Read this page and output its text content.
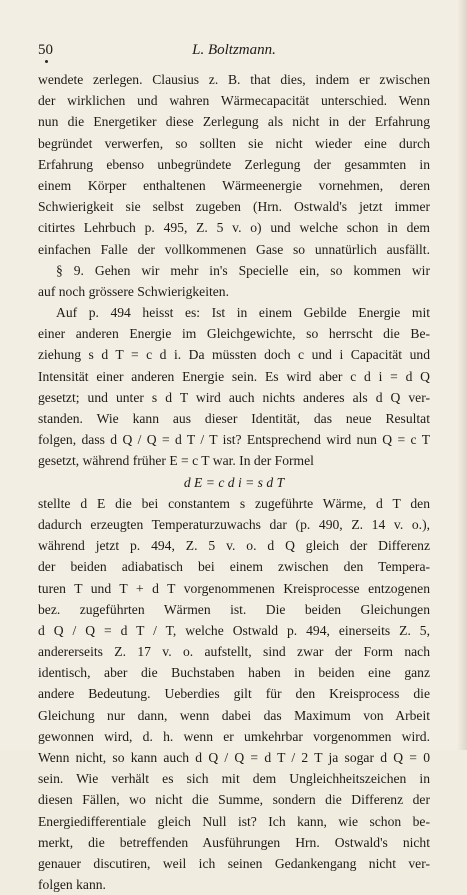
50	L. Boltzmann.
wendete zerlegen. Clausius z. B. that dies, indem er zwischen
der wirklichen und wahren Wärmecapacität unterschied. Wenn
nun die Energetiker diese Zerlegung als nicht in der Erfahrung
begründet verwerfen, so sollten sie nicht wieder eine durch
Erfahrung ebenso unbegründete Zerlegung der gesammten in
einem Körper enthaltenen Wärmeenergie vornehmen, deren
Schwierigkeit sie selbst zugeben (Hrn. Ostwald's jetzt immer
citirtes Lehrbuch p. 495, Z. 5 v. o) und welche schon in dem
einfachen Falle der vollkommenen Gase so unnatürlich ausfällt.
§ 9. Gehen wir mehr in's Specielle ein, so kommen wir
auf noch grössere Schwierigkeiten.
Auf p. 494 heisst es: Ist in einem Gebilde Energie mit
einer anderen Energie im Gleichgewichte, so herrscht die Be-
ziehung s d T = c d i. Da müssten doch c und i Capacität und
Intensität einer anderen Energie sein. Es wird aber c d i = d Q
gesetzt; und unter s d T wird auch nichts anderes als d Q ver-
standen. Wie kann aus dieser Identität, das neue Resultat
folgen, dass d Q / Q = d T / T ist? Entsprechend wird nun Q = c T
gesetzt, während früher E = c T war. In der Formel
d E = c d i = s d T
stellte d E die bei constantem s zugeführte Wärme, d T den
dadurch erzeugten Temperaturzuwachs dar (p. 490, Z. 14 v. o.),
während jetzt p. 494, Z. 5 v. o. d Q gleich der Differenz
der beiden adiabatisch bei einem zwischen den Tempera-
turen T und T + d T vorgenommenen Kreisprocesse entzogenen
bez. zugeführten Wärmen ist. Die beiden Gleichungen
d Q / Q = d T / T, welche Ostwald p. 494, einerseits Z. 5,
andererseits Z. 17 v. o. aufstellt, sind zwar der Form nach
identisch, aber die Buchstaben haben in beiden eine ganz
andere Bedeutung. Ueberdies gilt für den Kreisprocess die
Gleichung nur dann, wenn dabei das Maximum von Arbeit
gewonnen wird, d. h. wenn er umkehrbar vorgenommen wird.
Wenn nicht, so kann auch d Q / Q = d T / 2 T ja sogar d Q = 0
sein. Wie verhält es sich mit dem Ungleichheitszeichen in
diesen Fällen, wo nicht die Summe, sondern die Differenz der
Energiedifferentiale gleich Null ist? Ich kann, wie schon be-
merkt, die betreffenden Ausführungen Hrn. Ostwald's nicht
genauer discutiren, weil ich seinen Gedankengang nicht ver-
folgen kann.
